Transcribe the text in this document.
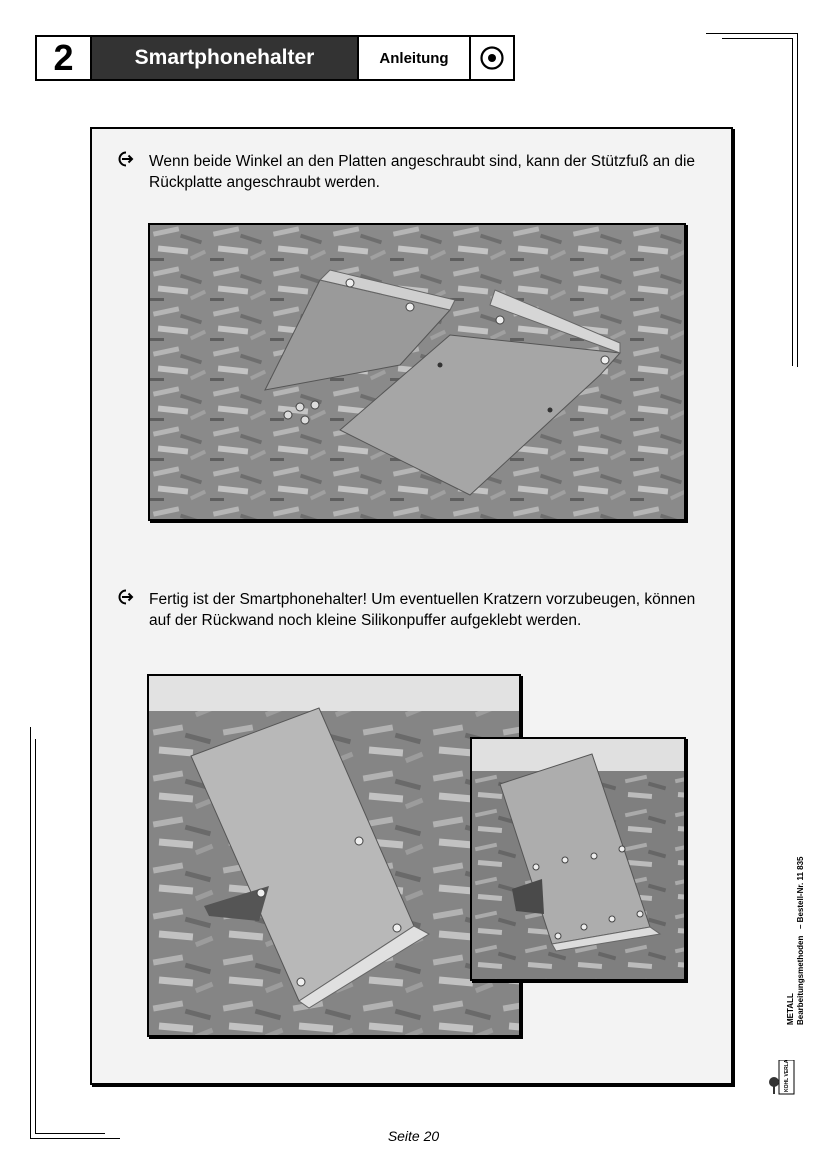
2	Smartphonehalter	Anleitung
Wenn beide Winkel an den Platten angeschraubt sind, kann der Stützfuß an die Rückplatte angeschraubt werden.
Fertig ist der Smartphonehalter! Um eventuellen Kratzern vorzubeugen, können auf der Rückwand noch kleine Silikonpuffer aufgeklebt werden.
METALL Bearbeitungsmethoden   – Bestell-Nr. 11 835
KOHL VERLAG
Seite 20
